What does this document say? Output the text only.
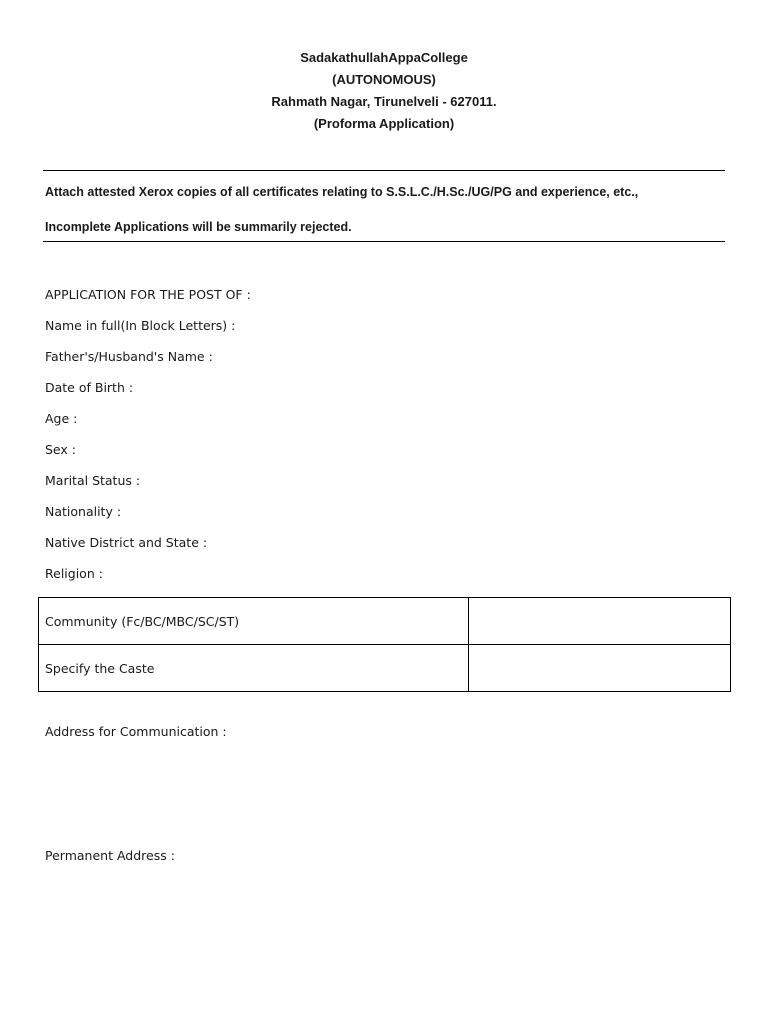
SadakathullahAppaCollege
(AUTONOMOUS)
Rahmath Nagar, Tirunelveli - 627011.
(Proforma Application)
Attach attested Xerox copies of all certificates relating to S.S.L.C./H.Sc./UG/PG and experience, etc.,
Incomplete Applications will be summarily rejected.
APPLICATION FOR THE POST OF :
Name in full(In Block Letters) :
Father's/Husband's Name :
Date of Birth :
Age :
Sex :
Marital Status :
Nationality :
Native District and State :
Religion :
Community (Fc/BC/MBC/SC/ST)	
Specify the Caste	
Address for Communication :
Permanent Address :
